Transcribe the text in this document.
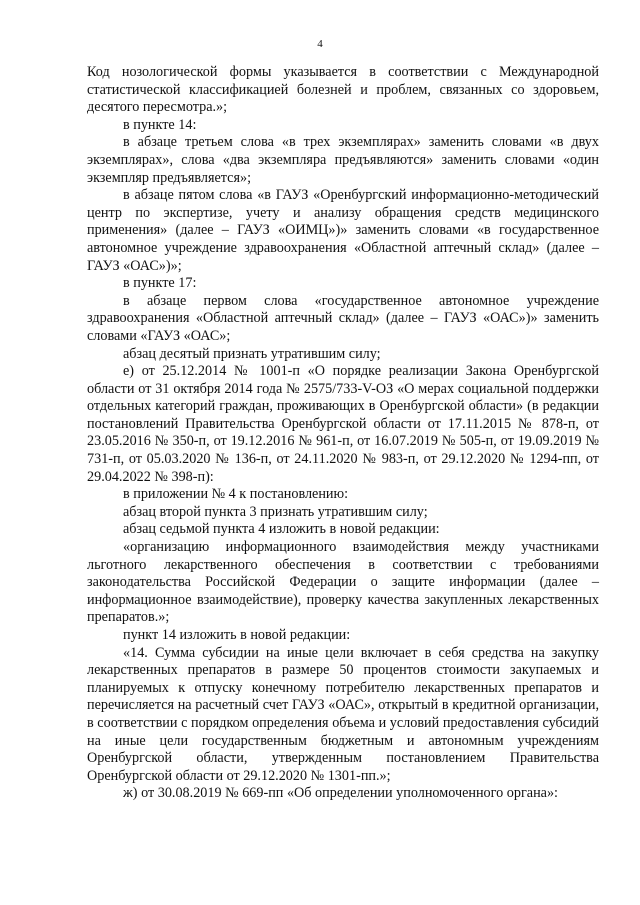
4

Код нозологической формы указывается в соответствии с Международной статистической классификацией болезней и проблем, связанных со здоровьем, десятого пересмотра.»;

в пункте 14:

в абзаце третьем слова «в трех экземплярах» заменить словами «в двух экземплярах», слова «два экземпляра предъявляются» заменить словами «один экземпляр предъявляется»;

в абзаце пятом слова «в ГАУЗ «Оренбургский информационно-методический центр по экспертизе, учету и анализу обращения средств медицинского применения» (далее – ГАУЗ «ОИМЦ»)» заменить словами «в государственное автономное учреждение здравоохранения «Областной аптечный склад» (далее – ГАУЗ «ОАС»)»;

в пункте 17:

в абзаце первом слова «государственное автономное учреждение здравоохранения «Областной аптечный склад» (далее – ГАУЗ «ОАС»)» заменить словами «ГАУЗ «ОАС»;

абзац десятый признать утратившим силу;

е) от 25.12.2014 № 1001-п «О порядке реализации Закона Оренбургской области от 31 октября 2014 года № 2575/733-V-ОЗ «О мерах социальной поддержки отдельных категорий граждан, проживающих в Оренбургской области» (в редакции постановлений Правительства Оренбургской области от 17.11.2015 № 878-п, от 23.05.2016 № 350-п, от 19.12.2016 № 961-п, от 16.07.2019 № 505-п, от 19.09.2019 № 731-п, от 05.03.2020 № 136-п, от 24.11.2020 № 983-п, от 29.12.2020 № 1294-пп, от 29.04.2022 № 398-п):

в приложении № 4 к постановлению:

абзац второй пункта 3 признать утратившим силу;

абзац седьмой пункта 4 изложить в новой редакции:

«организацию информационного взаимодействия между участниками льготного лекарственного обеспечения в соответствии с требованиями законодательства Российской Федерации о защите информации (далее – информационное взаимодействие), проверку качества закупленных лекарственных препаратов.»;

пункт 14 изложить в новой редакции:

«14. Сумма субсидии на иные цели включает в себя средства на закупку лекарственных препаратов в размере 50 процентов стоимости закупаемых и планируемых к отпуску конечному потребителю лекарственных препаратов и перечисляется на расчетный счет ГАУЗ «ОАС», открытый в кредитной организации, в соответствии с порядком определения объема и условий предоставления субсидий на иные цели государственным бюджетным и автономным учреждениям Оренбургской области, утвержденным постановлением Правительства Оренбургской области от 29.12.2020 № 1301-пп.»;

ж) от 30.08.2019 № 669-пп «Об определении уполномоченного органа»:
